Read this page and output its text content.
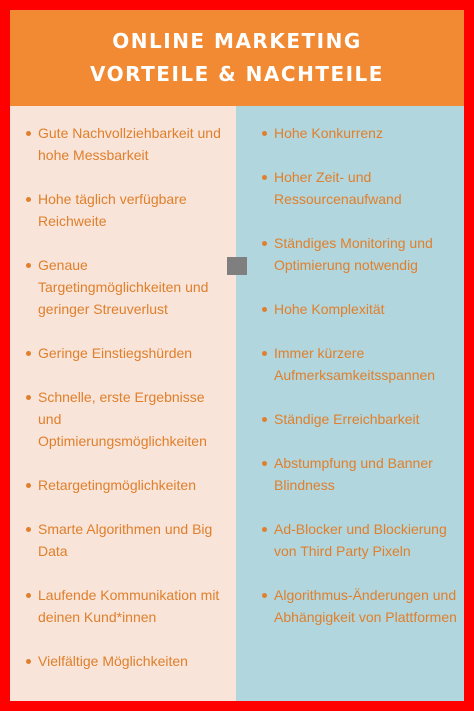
ONLINE MARKETING
VORTEILE & NACHTEILE
Gute Nachvollziehbarkeit und hohe Messbarkeit
Hohe täglich verfügbare Reichweite
Genaue Targetingmöglichkeiten und geringer Streuverlust
Geringe Einstiegshürden
Schnelle, erste Ergebnisse und Optimierungsmöglichkeiten
Retargetingmöglichkeiten
Smarte Algorithmen und Big Data
Laufende Kommunikation mit deinen Kund*innen
Vielfältige Möglichkeiten
Hohe Konkurrenz
Hoher Zeit- und Ressourcenaufwand
Ständiges Monitoring und Optimierung notwendig
Hohe Komplexität
Immer kürzere Aufmerksamkeitsspannen
Ständige Erreichbarkeit
Abstumpfung und Banner Blindness
Ad-Blocker und Blockierung von Third Party Pixeln
Algorithmus-Änderungen und Abhängigkeit von Plattformen
